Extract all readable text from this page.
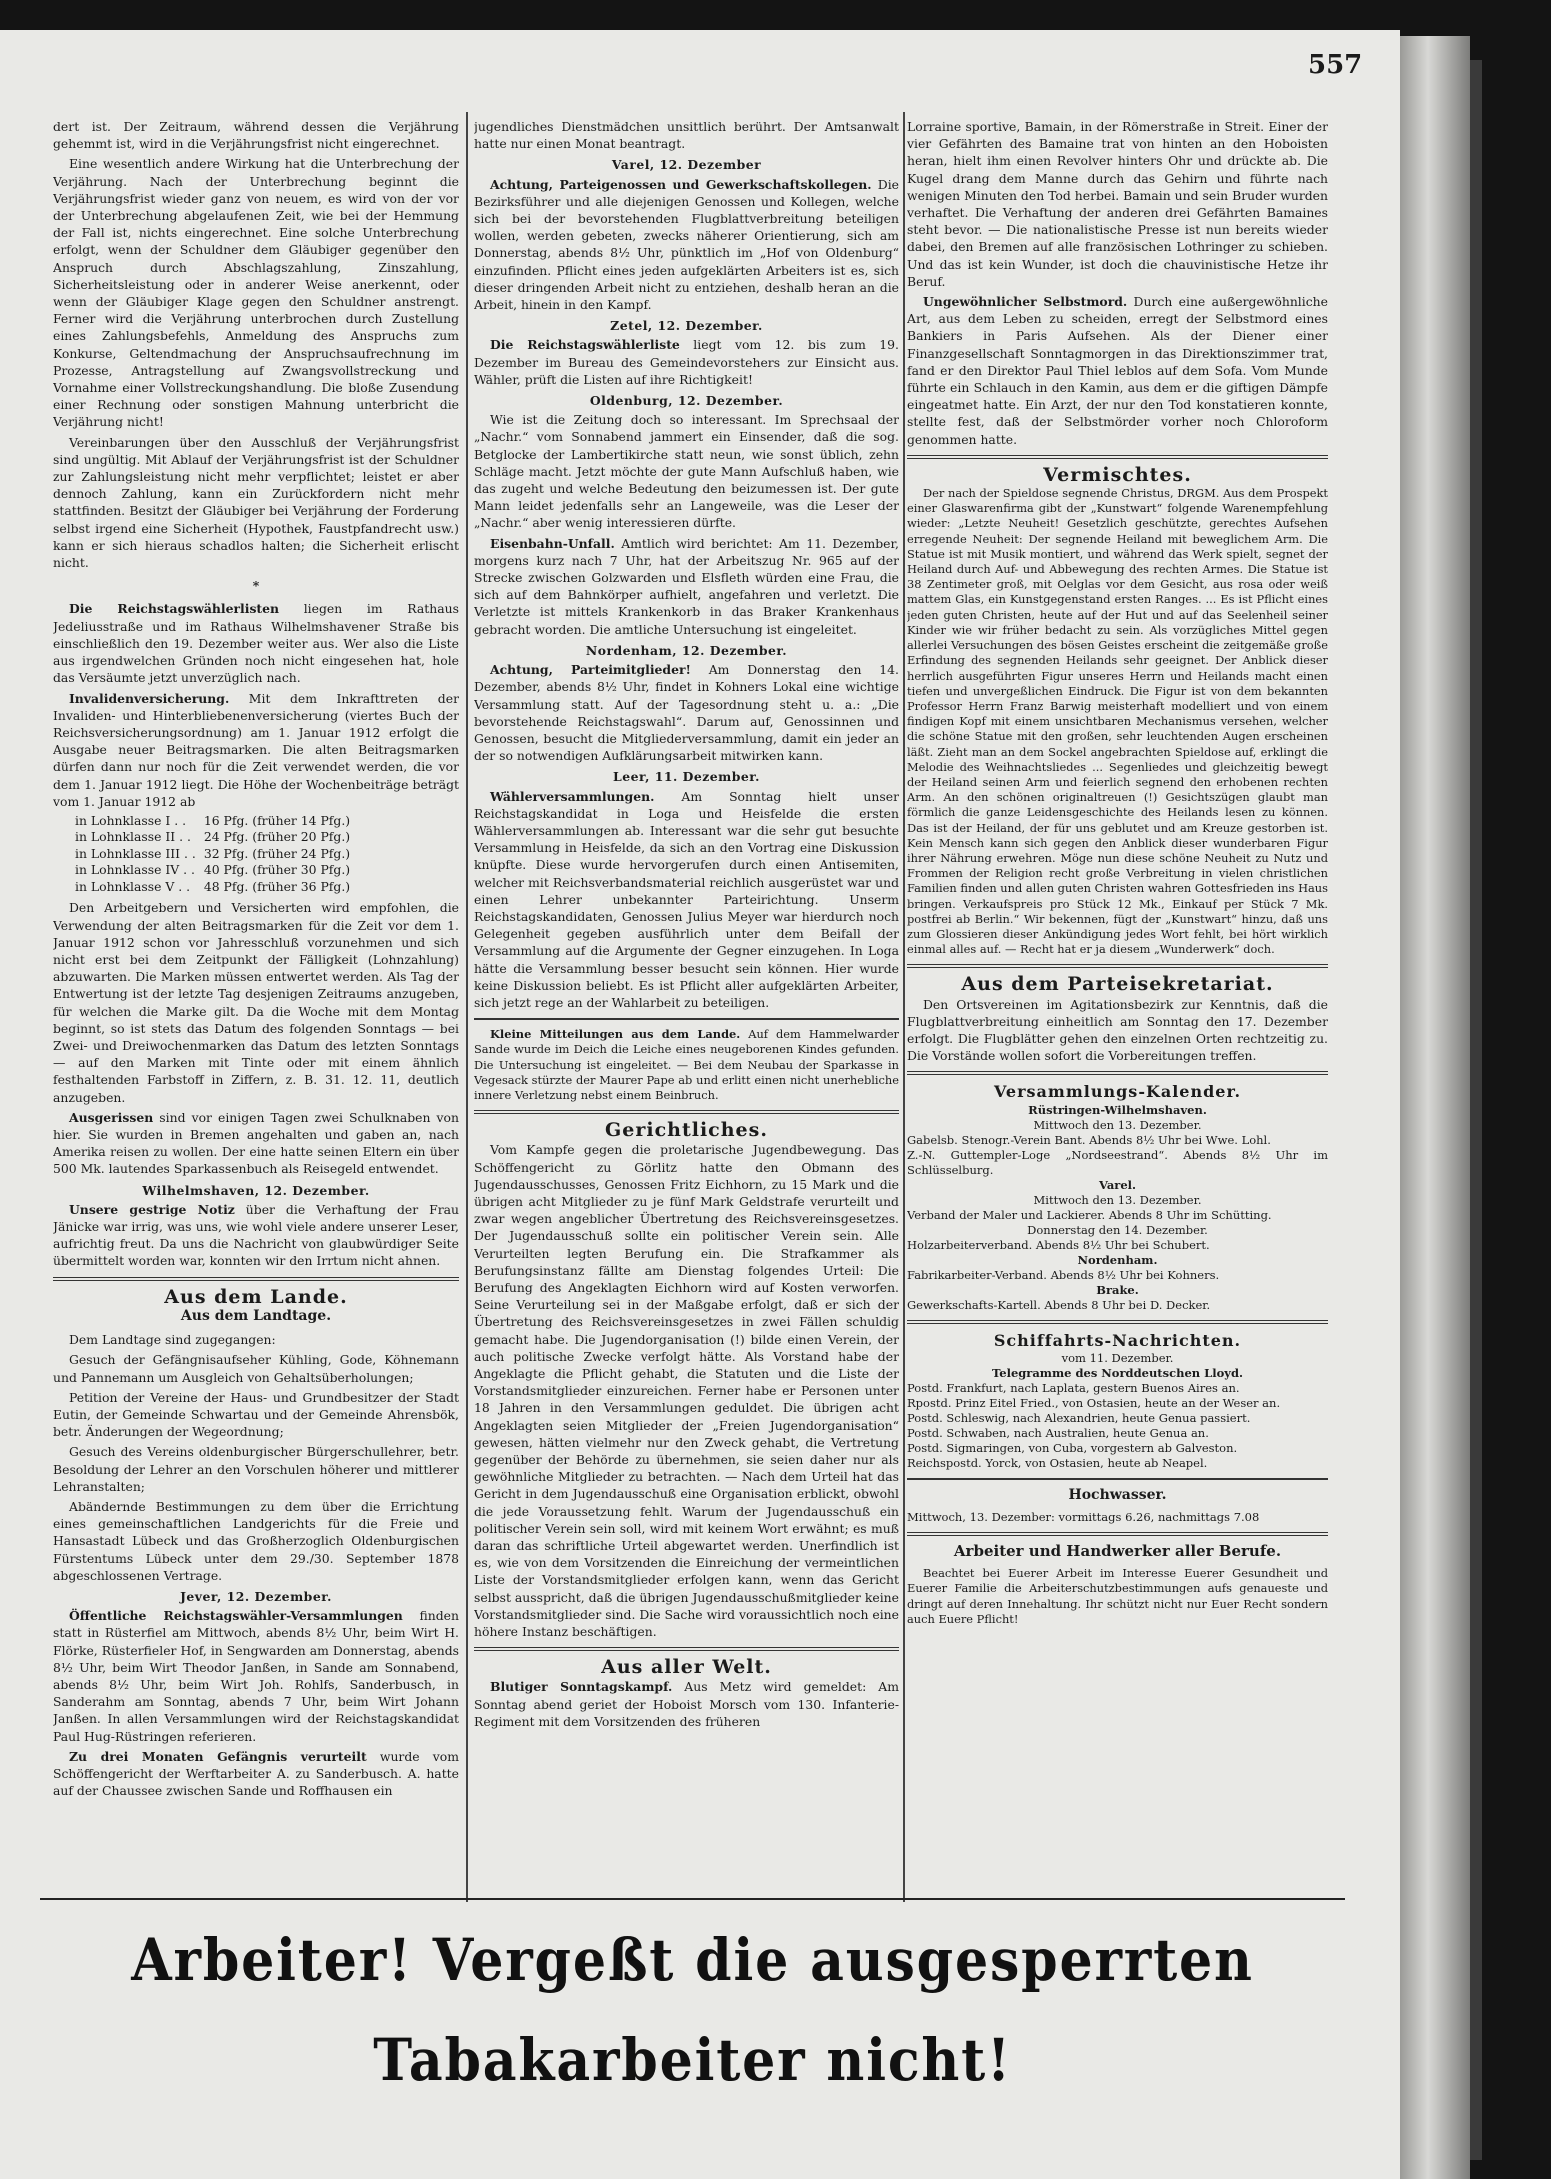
557

dert ist. Der Zeitraum, während dessen die Verjährung gehemmt ist, wird in die Verjährungsfrist nicht eingerechnet.

Eine wesentlich andere Wirkung hat die Unterbrechung der Verjährung. Nach der Unterbrechung beginnt die Verjährungsfrist wieder ganz von neuem, es wird von der vor der Unterbrechung abgelaufenen Zeit, wie bei der Hemmung der Fall ist, nichts eingerechnet. Eine solche Unterbrechung erfolgt, wenn der Schuldner dem Gläubiger gegenüber den Anspruch durch Abschlagszahlung, Zinszahlung, Sicherheitsleistung oder in anderer Weise anerkennt, oder wenn der Gläubiger Klage gegen den Schuldner anstrengt. Ferner wird die Verjährung unterbrochen durch Zustellung eines Zahlungsbefehls, Anmeldung des Anspruchs zum Konkurse, Geltendmachung der Anspruchsaufrechnung im Prozesse, Antragstellung auf Zwangsvollstreckung und Vornahme einer Vollstreckungshandlung. Die bloße Zusendung einer Rechnung oder sonstigen Mahnung unterbricht die Verjährung nicht!

Vereinbarungen über den Ausschluß der Verjährungsfrist sind ungültig. Mit Ablauf der Verjährungsfrist ist der Schuldner zur Zahlungsleistung nicht mehr verpflichtet; leistet er aber dennoch Zahlung, kann ein Zurückfordern nicht mehr stattfinden. Besitzt der Gläubiger bei Verjährung der Forderung selbst irgend eine Sicherheit (Hypothek, Faustpfandrecht usw.) kann er sich hieraus schadlos halten; die Sicherheit erlischt nicht.

*

Die Reichstagswählerlisten liegen im Rathaus Jedeliusstraße und im Rathaus Wilhelmshavener Straße bis einschließlich den 19. Dezember weiter aus. Wer also die Liste aus irgendwelchen Gründen noch nicht eingesehen hat, hole das Versäumte jetzt unverzüglich nach.

Invalidenversicherung. Mit dem Inkrafttreten der Invaliden- und Hinterbliebenenversicherung (viertes Buch der Reichsversicherungsordnung) am 1. Januar 1912 erfolgt die Ausgabe neuer Beitragsmarken. Die alten Beitragsmarken dürfen dann nur noch für die Zeit verwendet werden, die vor dem 1. Januar 1912 liegt. Die Höhe der Wochenbeiträge beträgt vom 1. Januar 1912 ab

in Lohnklasse I . .	16 Pfg. (früher 14 Pfg.)
in Lohnklasse II . .	24 Pfg. (früher 20 Pfg.)
in Lohnklasse III . .	32 Pfg. (früher 24 Pfg.)
in Lohnklasse IV . .	40 Pfg. (früher 30 Pfg.)
in Lohnklasse V . .	48 Pfg. (früher 36 Pfg.)

Den Arbeitgebern und Versicherten wird empfohlen, die Verwendung der alten Beitragsmarken für die Zeit vor dem 1. Januar 1912 schon vor Jahresschluß vorzunehmen und sich nicht erst bei dem Zeitpunkt der Fälligkeit (Lohnzahlung) abzuwarten. Die Marken müssen entwertet werden. Als Tag der Entwertung ist der letzte Tag desjenigen Zeitraums anzugeben, für welchen die Marke gilt. Da die Woche mit dem Montag beginnt, so ist stets das Datum des folgenden Sonntags — bei Zwei- und Dreiwochenmarken das Datum des letzten Sonntags — auf den Marken mit Tinte oder mit einem ähnlich festhaltenden Farbstoff in Ziffern, z. B. 31. 12. 11, deutlich anzugeben.

Ausgerissen sind vor einigen Tagen zwei Schulknaben von hier. Sie wurden in Bremen angehalten und gaben an, nach Amerika reisen zu wollen. Der eine hatte seinen Eltern ein über 500 Mk. lautendes Sparkassenbuch als Reisegeld entwendet.

Wilhelmshaven, 12. Dezember.

Unsere gestrige Notiz über die Verhaftung der Frau Jänicke war irrig, was uns, wie wohl viele andere unserer Leser, aufrichtig freut. Da uns die Nachricht von glaubwürdiger Seite übermittelt worden war, konnten wir den Irrtum nicht ahnen.

Aus dem Lande.
Aus dem Landtage.

Dem Landtage sind zugegangen:

Gesuch der Gefängnisaufseher Kühling, Gode, Köhnemann und Pannemann um Ausgleich von Gehaltsüberholungen;

Petition der Vereine der Haus- und Grundbesitzer der Stadt Eutin, der Gemeinde Schwartau und der Gemeinde Ahrensbök, betr. Änderungen der Wegeordnung;

Gesuch des Vereins oldenburgischer Bürgerschullehrer, betr. Besoldung der Lehrer an den Vorschulen höherer und mittlerer Lehranstalten;

Abändernde Bestimmungen zu dem über die Errichtung eines gemeinschaftlichen Landgerichts für die Freie und Hansastadt Lübeck und das Großherzoglich Oldenburgischen Fürstentums Lübeck unter dem 29./30. September 1878 abgeschlossenen Vertrage.

Jever, 12. Dezember.

Öffentliche Reichstagswähler-Versammlungen finden statt in Rüsterfiel am Mittwoch, abends 8½ Uhr, beim Wirt H. Flörke, Rüsterfieler Hof, in Sengwarden am Donnerstag, abends 8½ Uhr, beim Wirt Theodor Janßen, in Sande am Sonnabend, abends 8½ Uhr, beim Wirt Joh. Rohlfs, Sanderbusch, in Sanderahm am Sonntag, abends 7 Uhr, beim Wirt Johann Janßen. In allen Versammlungen wird der Reichstagskandidat Paul Hug-Rüstringen referieren.

Zu drei Monaten Gefängnis verurteilt wurde vom Schöffengericht der Werftarbeiter A. zu Sanderbusch. A. hatte auf der Chaussee zwischen Sande und Roffhausen ein

jugendliches Dienstmädchen unsittlich berührt. Der Amtsanwalt hatte nur einen Monat beantragt.

Varel, 12. Dezember

Achtung, Parteigenossen und Gewerkschaftskollegen. Die Bezirksführer und alle diejenigen Genossen und Kollegen, welche sich bei der bevorstehenden Flugblattverbreitung beteiligen wollen, werden gebeten, zwecks näherer Orientierung, sich am Donnerstag, abends 8½ Uhr, pünktlich im „Hof von Oldenburg“ einzufinden. Pflicht eines jeden aufgeklärten Arbeiters ist es, sich dieser dringenden Arbeit nicht zu entziehen, deshalb heran an die Arbeit, hinein in den Kampf.

Zetel, 12. Dezember.

Die Reichstagswählerliste liegt vom 12. bis zum 19. Dezember im Bureau des Gemeindevorstehers zur Einsicht aus. Wähler, prüft die Listen auf ihre Richtigkeit!

Oldenburg, 12. Dezember.

Wie ist die Zeitung doch so interessant. Im Sprechsaal der „Nachr.“ vom Sonnabend jammert ein Einsender, daß die sog. Betglocke der Lambertikirche statt neun, wie sonst üblich, zehn Schläge macht. Jetzt möchte der gute Mann Aufschluß haben, wie das zugeht und welche Bedeutung den beizumessen ist. Der gute Mann leidet jedenfalls sehr an Langeweile, was die Leser der „Nachr.“ aber wenig interessieren dürfte.

Eisenbahn-Unfall. Amtlich wird berichtet: Am 11. Dezember, morgens kurz nach 7 Uhr, hat der Arbeitszug Nr. 965 auf der Strecke zwischen Golzwarden und Elsfleth würden eine Frau, die sich auf dem Bahnkörper aufhielt, angefahren und verletzt. Die Verletzte ist mittels Krankenkorb in das Braker Krankenhaus gebracht worden. Die amtliche Untersuchung ist eingeleitet.

Nordenham, 12. Dezember.

Achtung, Parteimitglieder! Am Donnerstag den 14. Dezember, abends 8½ Uhr, findet in Kohners Lokal eine wichtige Versammlung statt. Auf der Tagesordnung steht u. a.: „Die bevorstehende Reichstagswahl“. Darum auf, Genossinnen und Genossen, besucht die Mitgliederversammlung, damit ein jeder an der so notwendigen Aufklärungsarbeit mitwirken kann.

Leer, 11. Dezember.

Wählerversammlungen. Am Sonntag hielt unser Reichstagskandidat in Loga und Heisfelde die ersten Wählerversammlungen ab. Interessant war die sehr gut besuchte Versammlung in Heisfelde, da sich an den Vortrag eine Diskussion knüpfte. Diese wurde hervorgerufen durch einen Antisemiten, welcher mit Reichsverbandsmaterial reichlich ausgerüstet war und einen Lehrer unbekannter Parteirichtung. Unserm Reichstagskandidaten, Genossen Julius Meyer war hierdurch noch Gelegenheit gegeben ausführlich unter dem Beifall der Versammlung auf die Argumente der Gegner einzugehen. In Loga hätte die Versammlung besser besucht sein können. Hier wurde keine Diskussion beliebt. Es ist Pflicht aller aufgeklärten Arbeiter, sich jetzt rege an der Wahlarbeit zu beteiligen.

Kleine Mitteilungen aus dem Lande. Auf dem Hammelwarder Sande wurde im Deich die Leiche eines neugeborenen Kindes gefunden. Die Untersuchung ist eingeleitet. — Bei dem Neubau der Sparkasse in Vegesack stürzte der Maurer Pape ab und erlitt einen nicht unerhebliche innere Verletzung nebst einem Beinbruch.

Gerichtliches.

Vom Kampfe gegen die proletarische Jugendbewegung. Das Schöffengericht zu Görlitz hatte den Obmann des Jugendausschusses, Genossen Fritz Eichhorn, zu 15 Mark und die übrigen acht Mitglieder zu je fünf Mark Geldstrafe verurteilt und zwar wegen angeblicher Übertretung des Reichsvereinsgesetzes. Der Jugendausschuß sollte ein politischer Verein sein. Alle Verurteilten legten Berufung ein. Die Strafkammer als Berufungsinstanz fällte am Dienstag folgendes Urteil: Die Berufung des Angeklagten Eichhorn wird auf Kosten verworfen. Seine Verurteilung sei in der Maßgabe erfolgt, daß er sich der Übertretung des Reichsvereinsgesetzes in zwei Fällen schuldig gemacht habe. Die Jugendorganisation (!) bilde einen Verein, der auch politische Zwecke verfolgt hätte. Als Vorstand habe der Angeklagte die Pflicht gehabt, die Statuten und die Liste der Vorstandsmitglieder einzureichen. Ferner habe er Personen unter 18 Jahren in den Versammlungen geduldet. Die übrigen acht Angeklagten seien Mitglieder der „Freien Jugendorganisation“ gewesen, hätten vielmehr nur den Zweck gehabt, die Vertretung gegenüber der Behörde zu übernehmen, sie seien daher nur als gewöhnliche Mitglieder zu betrachten. — Nach dem Urteil hat das Gericht in dem Jugendausschuß eine Organisation erblickt, obwohl die jede Voraussetzung fehlt. Warum der Jugendausschuß ein politischer Verein sein soll, wird mit keinem Wort erwähnt; es muß daran das schriftliche Urteil abgewartet werden. Unerfindlich ist es, wie von dem Vorsitzenden die Einreichung der vermeintlichen Liste der Vorstandsmitglieder erfolgen kann, wenn das Gericht selbst ausspricht, daß die übrigen Jugendausschußmitglieder keine Vorstandsmitglieder sind. Die Sache wird voraussichtlich noch eine höhere Instanz beschäftigen.

Aus aller Welt.

Blutiger Sonntagskampf. Aus Metz wird gemeldet: Am Sonntag abend geriet der Hoboist Morsch vom 130. Infanterie-Regiment mit dem Vorsitzenden des früheren

Lorraine sportive, Bamain, in der Römerstraße in Streit. Einer der vier Gefährten des Bamaine trat von hinten an den Hoboisten heran, hielt ihm einen Revolver hinters Ohr und drückte ab. Die Kugel drang dem Manne durch das Gehirn und führte nach wenigen Minuten den Tod herbei. Bamain und sein Bruder wurden verhaftet. Die Verhaftung der anderen drei Gefährten Bamaines steht bevor. — Die nationalistische Presse ist nun bereits wieder dabei, den Bremen auf alle französischen Lothringer zu schieben. Und das ist kein Wunder, ist doch die chauvinistische Hetze ihr Beruf.

Ungewöhnlicher Selbstmord. Durch eine außergewöhnliche Art, aus dem Leben zu scheiden, erregt der Selbstmord eines Bankiers in Paris Aufsehen. Als der Diener einer Finanzgesellschaft Sonntagmorgen in das Direktionszimmer trat, fand er den Direktor Paul Thiel leblos auf dem Sofa. Vom Munde führte ein Schlauch in den Kamin, aus dem er die giftigen Dämpfe eingeatmet hatte. Ein Arzt, der nur den Tod konstatieren konnte, stellte fest, daß der Selbstmörder vorher noch Chloroform genommen hatte.

Vermischtes.

Der nach der Spieldose segnende Christus, DRGM. Aus dem Prospekt einer Glaswarenfirma gibt der „Kunstwart“ folgende Warenempfehlung wieder: „Letzte Neuheit! Gesetzlich geschützte, gerechtes Aufsehen erregende Neuheit: Der segnende Heiland mit beweglichem Arm. Die Statue ist mit Musik montiert, und während das Werk spielt, segnet der Heiland durch Auf- und Abbewegung des rechten Armes. Die Statue ist 38 Zentimeter groß, mit Oelglas vor dem Gesicht, aus rosa oder weiß mattem Glas, ein Kunstgegenstand ersten Ranges. ... Es ist Pflicht eines jeden guten Christen, heute auf der Hut und auf das Seelenheil seiner Kinder wie wir früher bedacht zu sein. Als vorzügliches Mittel gegen allerlei Versuchungen des bösen Geistes erscheint die zeitgemäße große Erfindung des segnenden Heilands sehr geeignet. Der Anblick dieser herrlich ausgeführten Figur unseres Herrn und Heilands macht einen tiefen und unvergeßlichen Eindruck. Die Figur ist von dem bekannten Professor Herrn Franz Barwig meisterhaft modelliert und von einem findigen Kopf mit einem unsichtbaren Mechanismus versehen, welcher die schöne Statue mit den großen, sehr leuchtenden Augen erscheinen läßt. Zieht man an dem Sockel angebrachten Spieldose auf, erklingt die Melodie des Weihnachtsliedes ... Segenliedes und gleichzeitig bewegt der Heiland seinen Arm und feierlich segnend den erhobenen rechten Arm. An den schönen originaltreuen (!) Gesichtszügen glaubt man förmlich die ganze Leidensgeschichte des Heilands lesen zu können. Das ist der Heiland, der für uns geblutet und am Kreuze gestorben ist. Kein Mensch kann sich gegen den Anblick dieser wunderbaren Figur ihrer Nährung erwehren. Möge nun diese schöne Neuheit zu Nutz und Frommen der Religion recht große Verbreitung in vielen christlichen Familien finden und allen guten Christen wahren Gottesfrieden ins Haus bringen. Verkaufspreis pro Stück 12 Mk., Einkauf per Stück 7 Mk. postfrei ab Berlin.“ Wir bekennen, fügt der „Kunstwart“ hinzu, daß uns zum Glossieren dieser Ankündigung jedes Wort fehlt, bei hört wirklich einmal alles auf. — Recht hat er ja diesem „Wunderwerk“ doch.

Aus dem Parteisekretariat.

Den Ortsvereinen im Agitationsbezirk zur Kenntnis, daß die Flugblattverbreitung einheitlich am Sonntag den 17. Dezember erfolgt. Die Flugblätter gehen den einzelnen Orten rechtzeitig zu. Die Vorstände wollen sofort die Vorbereitungen treffen.

Versammlungs-Kalender.

Rüstringen-Wilhelmshaven.

Mittwoch den 13. Dezember.

Gabelsb. Stenogr.-Verein Bant. Abends 8½ Uhr bei Wwe. Lohl.

Z.-N. Guttempler-Loge „Nordseestrand“. Abends 8½ Uhr im Schlüsselburg.

Varel.

Mittwoch den 13. Dezember.

Verband der Maler und Lackierer. Abends 8 Uhr im Schütting.

Donnerstag den 14. Dezember.

Holzarbeiterverband. Abends 8½ Uhr bei Schubert.

Nordenham.

Fabrikarbeiter-Verband. Abends 8½ Uhr bei Kohners.

Brake.

Gewerkschafts-Kartell. Abends 8 Uhr bei D. Decker.

Schiffahrts-Nachrichten.

vom 11. Dezember.

Telegramme des Norddeutschen Lloyd.

Postd. Frankfurt, nach Laplata, gestern Buenos Aires an.

Rpostd. Prinz Eitel Fried., von Ostasien, heute an der Weser an.

Postd. Schleswig, nach Alexandrien, heute Genua passiert.

Postd. Schwaben, nach Australien, heute Genua an.

Postd. Sigmaringen, von Cuba, vorgestern ab Galveston.

Reichspostd. Yorck, von Ostasien, heute ab Neapel.

Hochwasser.

Mittwoch, 13. Dezember: vormittags 6.26, nachmittags 7.08

Arbeiter und Handwerker aller Berufe.

Beachtet bei Euerer Arbeit im Interesse Euerer Gesundheit und Euerer Familie die Arbeiterschutzbestimmungen aufs genaueste und dringt auf deren Innehaltung. Ihr schützt nicht nur Euer Recht sondern auch Euere Pflicht!

Arbeiter! Vergeßt die ausgesperrten Tabakarbeiter nicht!
